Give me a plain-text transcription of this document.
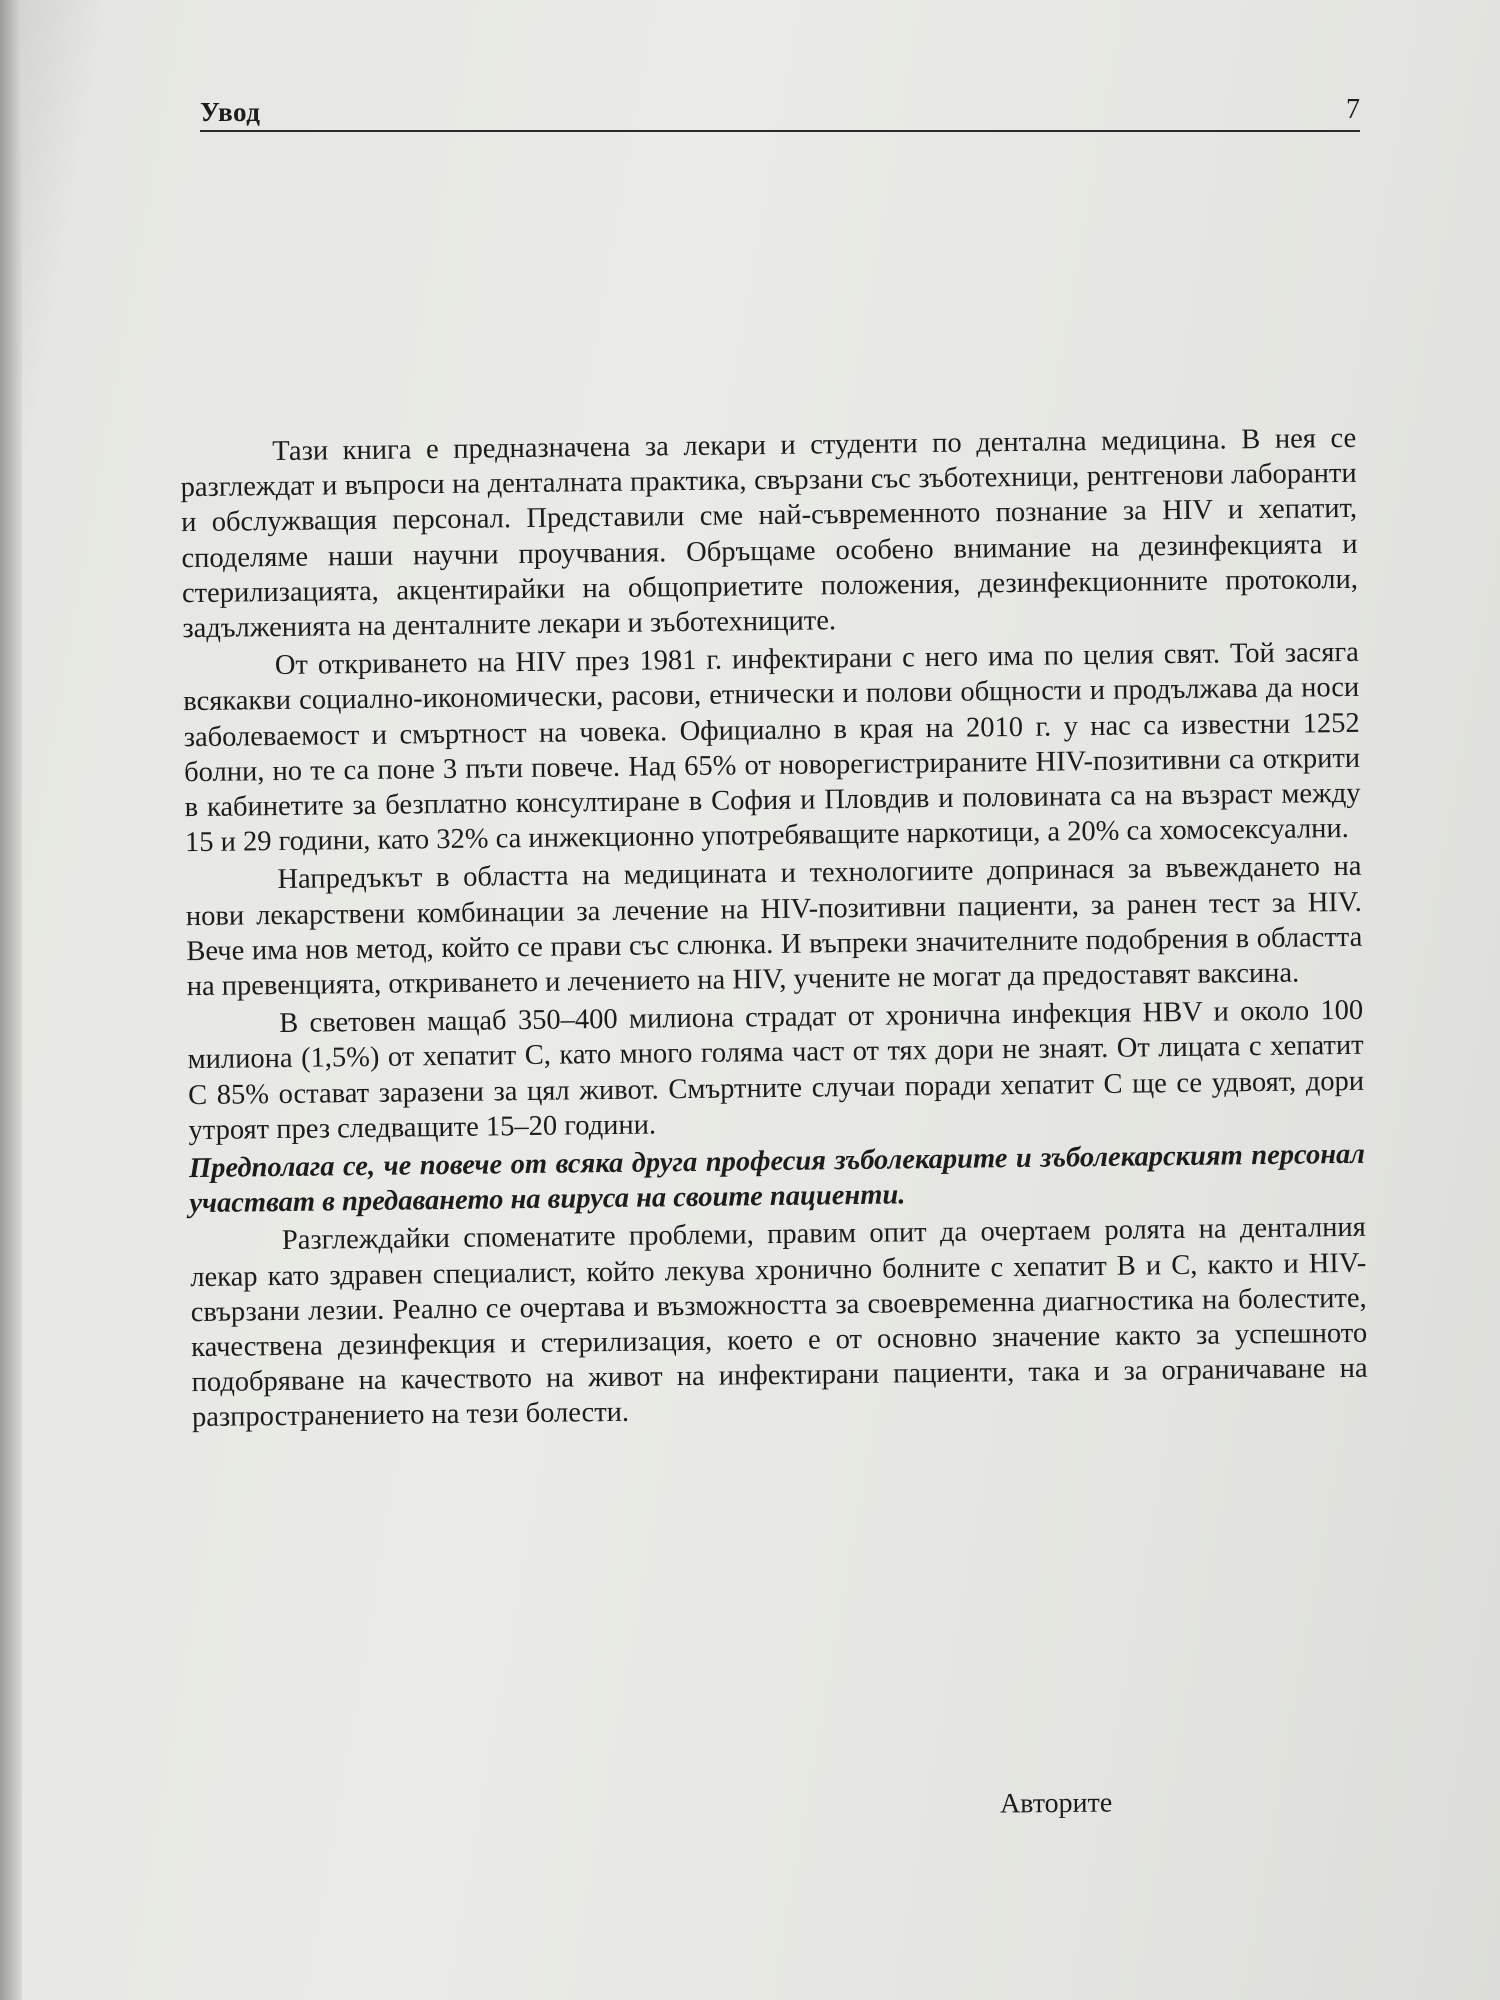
Увод	7

Тази книга е предназначена за лекари и студенти по дентална медицина. В нея се разглеждат и въпроси на денталната практика, свързани със зъботехници, рентгенови лаборанти и обслужващия персонал. Представили сме най-съвременното познание за HIV и хепатит, споделяме наши научни проучвания. Обръщаме особено внимание на дезинфекцията и стерилизацията, акцентирайки на общоприетите положения, дезинфекционните протоколи, задълженията на денталните лекари и зъботехниците.

От откриването на HIV през 1981 г. инфектирани с него има по целия свят. Той засяга всякакви социално-икономически, расови, етнически и полови общности и продължава да носи заболеваемост и смъртност на човека. Официално в края на 2010 г. у нас са известни 1252 болни, но те са поне 3 пъти повече. Над 65% от новорегистрираните HIV-позитивни са открити в кабинетите за безплатно консултиране в София и Пловдив и половината са на възраст между 15 и 29 години, като 32% са инжекционно употребяващите наркотици, а 20% са хомосексуални.

Напредъкът в областта на медицината и технологиите допринася за въвеждането на нови лекарствени комбинации за лечение на HIV-позитивни пациенти, за ранен тест за HIV. Вече има нов метод, който се прави със слюнка. И въпреки значителните подобрения в областта на превенцията, откриването и лечението на HIV, учените не могат да предоставят ваксина.

В световен мащаб 350–400 милиона страдат от хронична инфекция HBV и около 100 милиона (1,5%) от хепатит С, като много голяма част от тях дори не знаят. От лицата с хепатит С 85% остават заразени за цял живот. Смъртните случаи поради хепатит С ще се удвоят, дори утроят през следващите 15–20 години.

Предполага се, че повече от всяка друга професия зъболекарите и зъболекарският персонал участват в предаването на вируса на своите пациенти.

Разглеждайки споменатите проблеми, правим опит да очертаем ролята на денталния лекар като здравен специалист, който лекува хронично болните с хепатит В и С, както и HIV-свързани лезии. Реално се очертава и възможността за своевременна диагностика на болестите, качествена дезинфекция и стерилизация, което е от основно значение както за успешното подобряване на качеството на живот на инфектирани пациенти, така и за ограничаване на разпространението на тези болести.

Авторите
